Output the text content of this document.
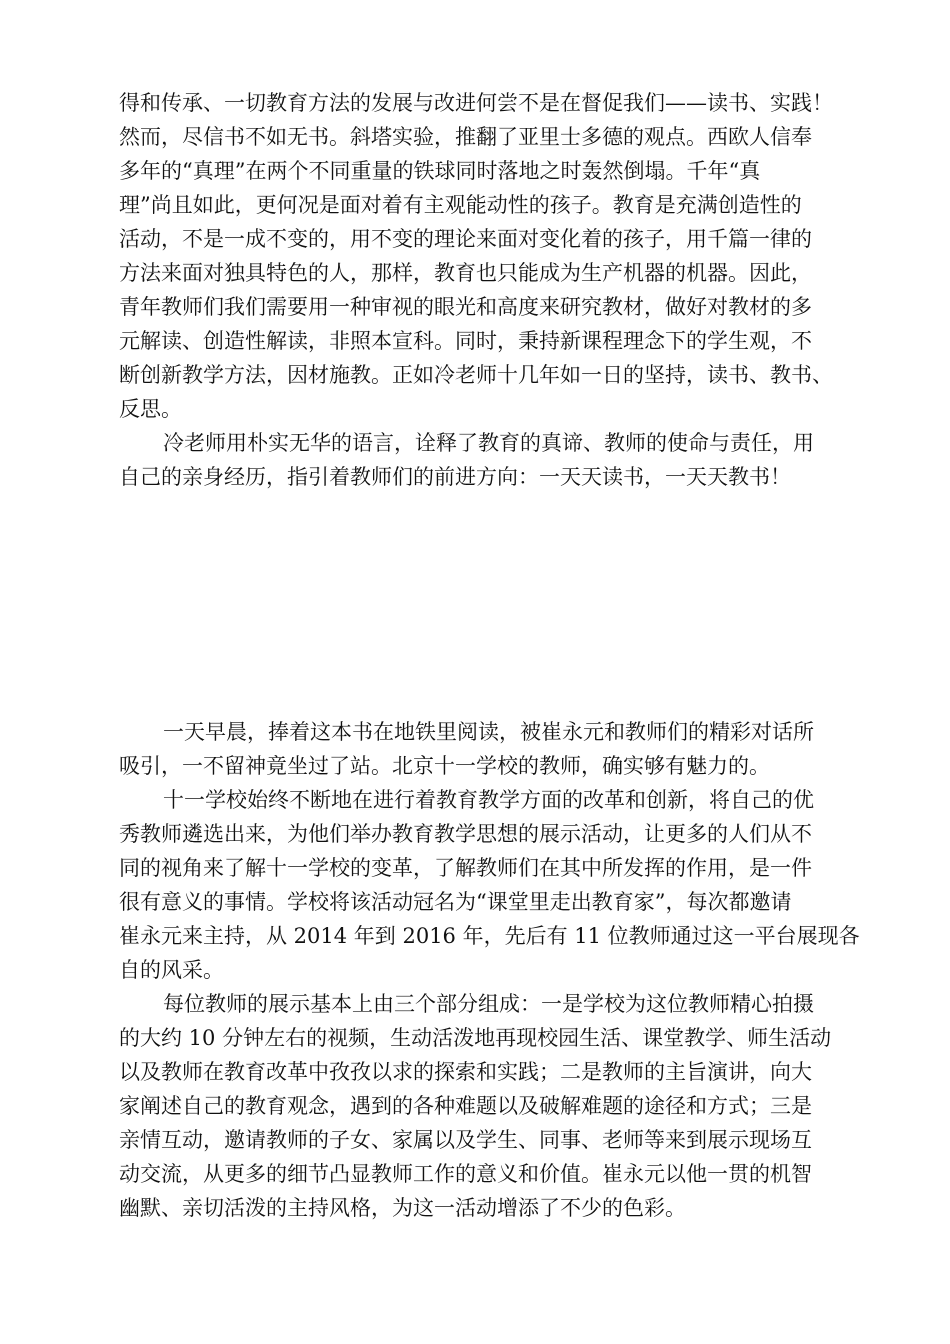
得和传承、一切教育方法的发展与改进何尝不是在督促我们——读书、实践！
然而，尽信书不如无书。斜塔实验，推翻了亚里士多德的观点。西欧人信奉
多年的“真理”在两个不同重量的铁球同时落地之时轰然倒塌。千年“真
理”尚且如此，更何况是面对着有主观能动性的孩子。教育是充满创造性的
活动，不是一成不变的，用不变的理论来面对变化着的孩子，用千篇一律的
方法来面对独具特色的人，那样，教育也只能成为生产机器的机器。因此，
青年教师们我们需要用一种审视的眼光和高度来研究教材，做好对教材的多
元解读、创造性解读，非照本宣科。同时，秉持新课程理念下的学生观，不
断创新教学方法，因材施教。正如冷老师十几年如一日的坚持，读书、教书、
反思。
冷老师用朴实无华的语言，诠释了教育的真谛、教师的使命与责任，用
自己的亲身经历，指引着教师们的前进方向：一天天读书，一天天教书！
一天早晨，捧着这本书在地铁里阅读，被崔永元和教师们的精彩对话所
吸引，一不留神竟坐过了站。北京十一学校的教师，确实够有魅力的。
十一学校始终不断地在进行着教育教学方面的改革和创新，将自己的优
秀教师遴选出来，为他们举办教育教学思想的展示活动，让更多的人们从不
同的视角来了解十一学校的变革，了解教师们在其中所发挥的作用，是一件
很有意义的事情。学校将该活动冠名为“课堂里走出教育家”，每次都邀请
崔永元来主持，从 2014 年到 2016 年，先后有 11 位教师通过这一平台展现各
自的风采。
每位教师的展示基本上由三个部分组成：一是学校为这位教师精心拍摄
的大约 10 分钟左右的视频，生动活泼地再现校园生活、课堂教学、师生活动
以及教师在教育改革中孜孜以求的探索和实践；二是教师的主旨演讲，向大
家阐述自己的教育观念，遇到的各种难题以及破解难题的途径和方式；三是
亲情互动，邀请教师的子女、家属以及学生、同事、老师等来到展示现场互
动交流，从更多的细节凸显教师工作的意义和价值。崔永元以他一贯的机智
幽默、亲切活泼的主持风格，为这一活动增添了不少的色彩。
